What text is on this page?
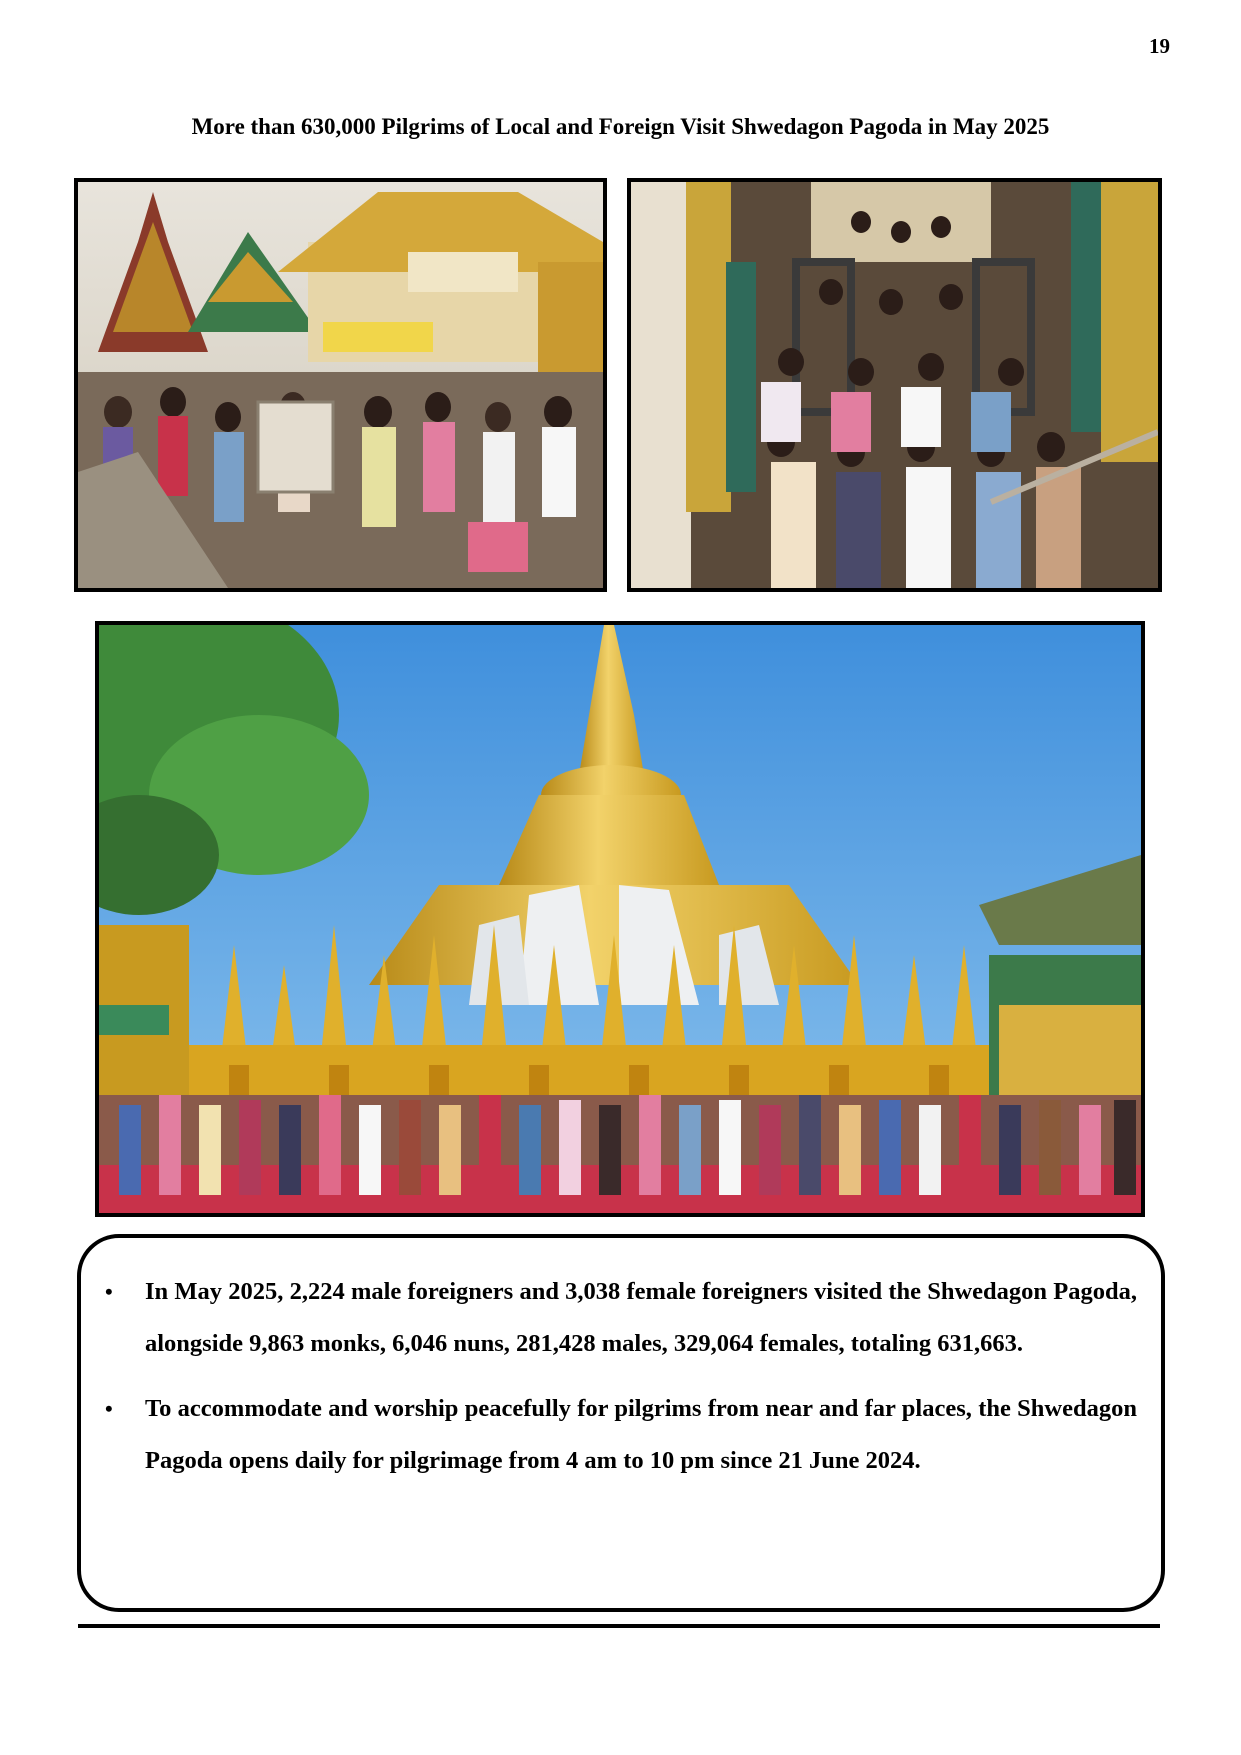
19
More than 630,000 Pilgrims of Local and Foreign Visit Shwedagon Pagoda in May 2025
• In May 2025, 2,224 male foreigners and 3,038 female foreigners visited the Shwedagon Pagoda, alongside 9,863 monks, 6,046 nuns, 281,428 males, 329,064 females, totaling 631,663.
• To accommodate and worship peacefully for pilgrims from near and far places, the Shwedagon Pagoda opens daily for pilgrimage from 4 am to 10 pm since 21 June 2024.
